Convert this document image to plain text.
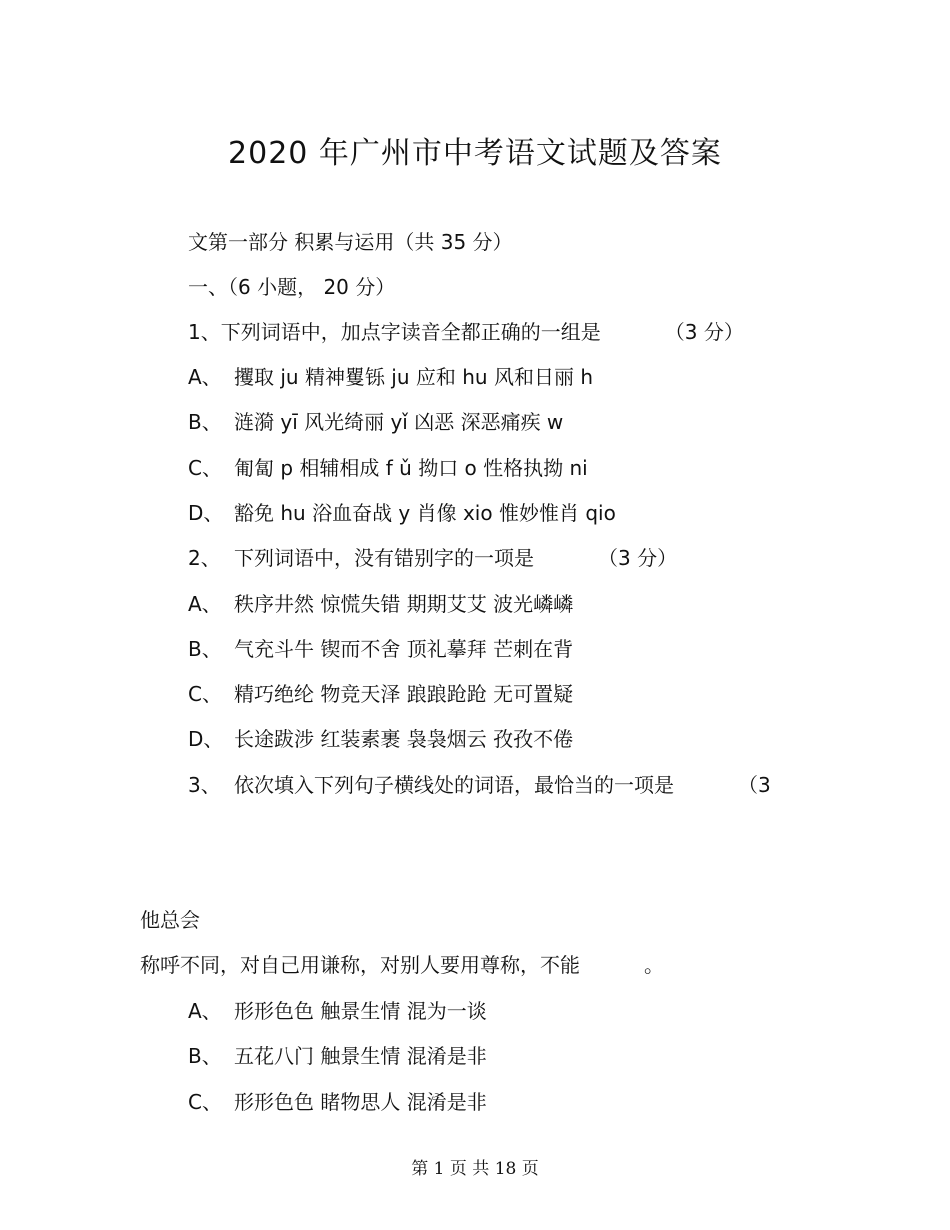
2020 年广州市中考语文试题及答案
文第一部分 积累与运用（共 35 分）
一、（6 小题， 20 分）
1、下列词语中，加点字读音全都正确的一组是	（3 分）
A、 攫取 ju 精神矍铄 ju 应和 hu 风和日丽 h
B、 涟漪 yī 风光绮丽 yǐ 凶恶 深恶痛疾 w
C、 匍匐 p 相辅相成 f ǔ 拗口 o 性格执拗 ni
D、 豁免 hu 浴血奋战 y 肖像 xio 惟妙惟肖 qio
2、 下列词语中，没有错别字的一项是	（3 分）
A、 秩序井然 惊慌失错 期期艾艾 波光嶙嶙
B、 气充斗牛 锲而不舍 顶礼摹拜 芒刺在背
C、 精巧绝纶 物竞天泽 踉踉跄跄 无可置疑
D、 长途跋涉 红装素裹 袅袅烟云 孜孜不倦
3、 依次填入下列句子横线处的词语，最恰当的一项是	（3
他总会
称呼不同，对自己用谦称，对别人要用尊称，不能	。
A、 形形色色 触景生情 混为一谈
B、 五花八门 触景生情 混淆是非
C、 形形色色 睹物思人 混淆是非
第 1 页 共 18 页
